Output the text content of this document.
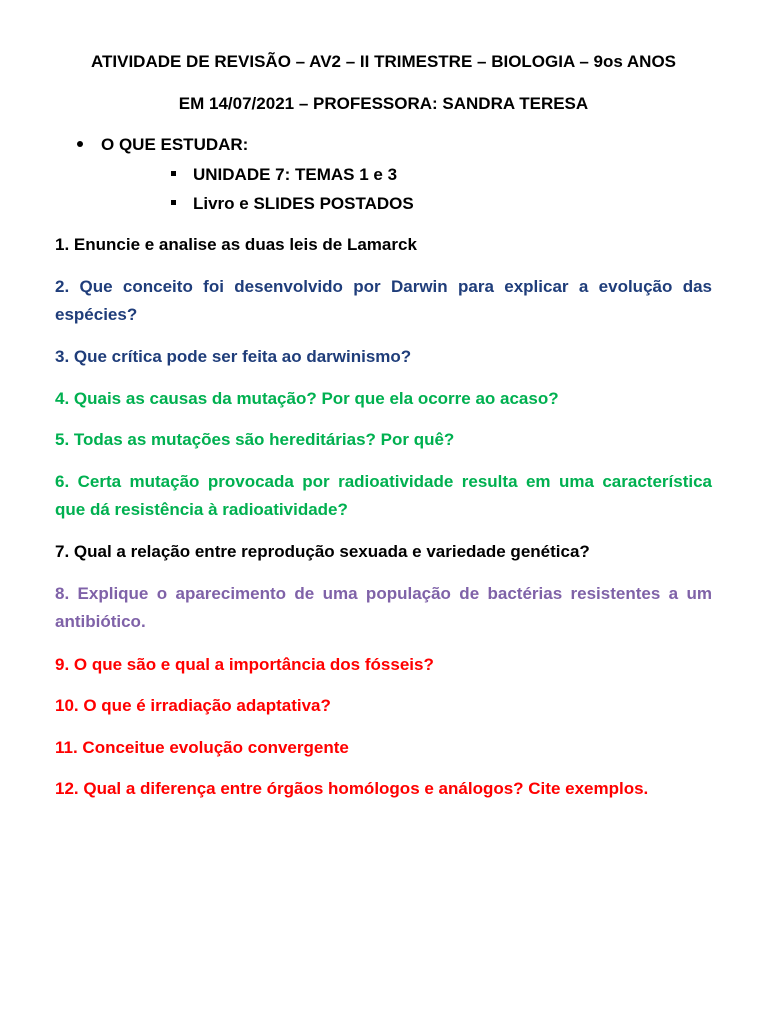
ATIVIDADE DE REVISÃO – AV2 – II TRIMESTRE – BIOLOGIA – 9os ANOS

EM 14/07/2021 – PROFESSORA: SANDRA TERESA

O QUE ESTUDAR:

UNIDADE 7: TEMAS 1 e 3

Livro e SLIDES POSTADOS

1. Enuncie e analise as duas leis de Lamarck

2. Que conceito foi desenvolvido por Darwin para explicar a evolução das espécies?

3. Que crítica pode ser feita ao darwinismo?

4. Quais as causas da mutação? Por que ela ocorre ao acaso?

5. Todas as mutações são hereditárias? Por quê?

6. Certa mutação provocada por radioatividade resulta em uma característica que dá resistência à radioatividade?

7. Qual a relação entre reprodução sexuada e variedade genética?

8. Explique o aparecimento de uma população de bactérias resistentes a um antibiótico.

9. O que são e qual a importância dos fósseis?

10. O que é irradiação adaptativa?

11. Conceitue evolução convergente

12. Qual a diferença entre órgãos homólogos e análogos? Cite exemplos.
